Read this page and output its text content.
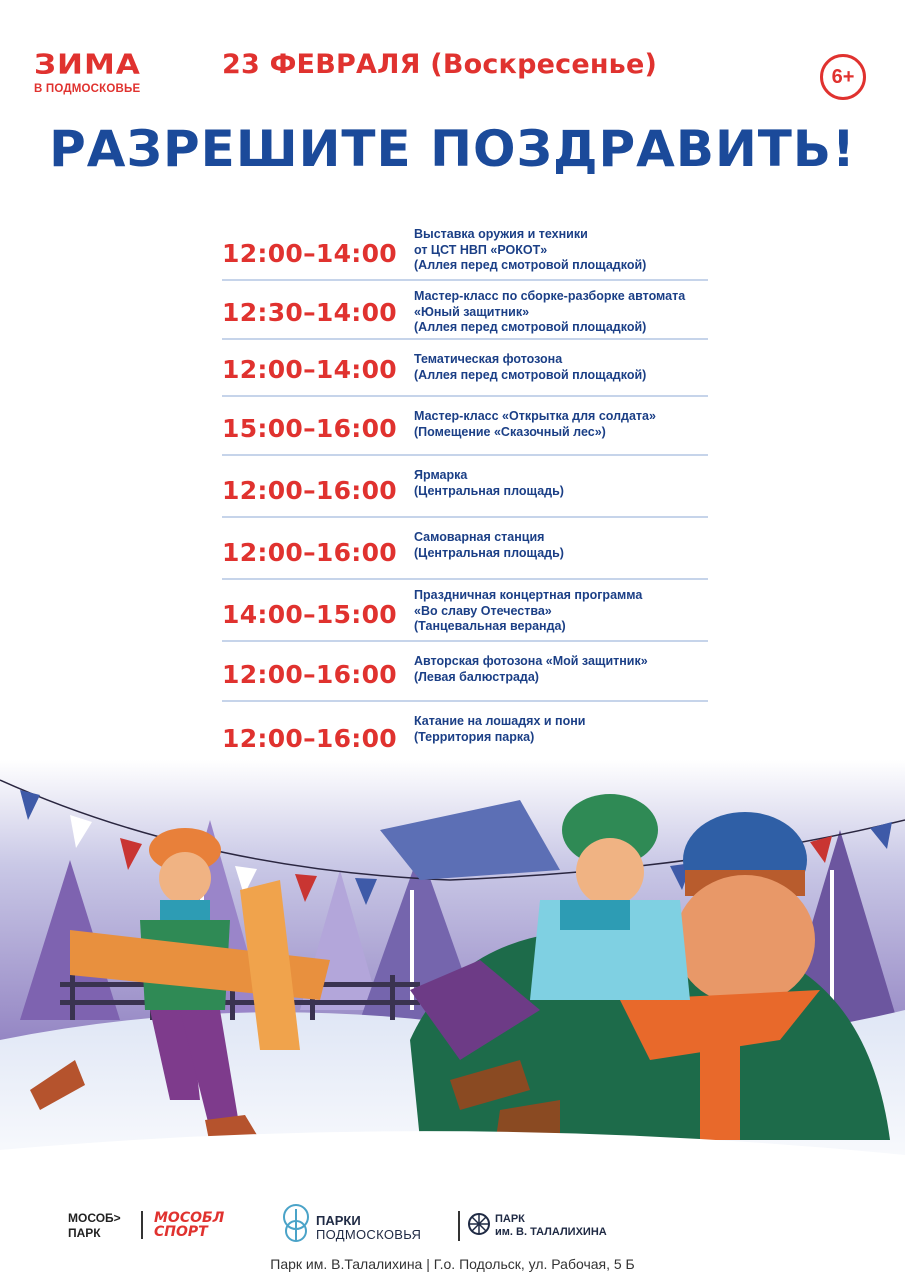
ЗИМА
В ПОДМОСКОВЬЕ
23 ФЕВРАЛЯ (Воскресенье)	6+
РАЗРЕШИТЕ ПОЗДРАВИТЬ!
12:00–14:00
Выставка оружия и техники
от ЦСТ НВП «РОКОТ»
(Аллея перед смотровой площадкой)
12:30–14:00
Мастер-класс по сборке-разборке автомата
«Юный защитник»
(Аллея перед смотровой площадкой)
12:00–14:00 Тематическая фотозона
(Аллея перед смотровой площадкой)
15:00–16:00 Мастер-класс «Открытка для солдата»
(Помещение «Сказочный лес»)
12:00–16:00
Ярмарка
(Центральная площадь)
12:00–16:00
Самоварная станция
(Центральная площадь)
14:00–15:00
Праздничная концертная программа
«Во славу Отечества»
(Танцевальная веранда)
12:00–16:00 Авторская фотозона «Мой защитник»
(Левая балюстрада)
12:00–16:00
Катание на лошадях и пони
(Территория парка)
МОСОБ>
ПАРК
МОСОБЛ
СПОРТ
ПАРКИ
ПОДМОСКОВЬЯ
ПАРК
им. В. ТАЛАЛИХИНА
Парк им. В.Талалихина | Г.о. Подольск, ул. Рабочая, 5 Б
